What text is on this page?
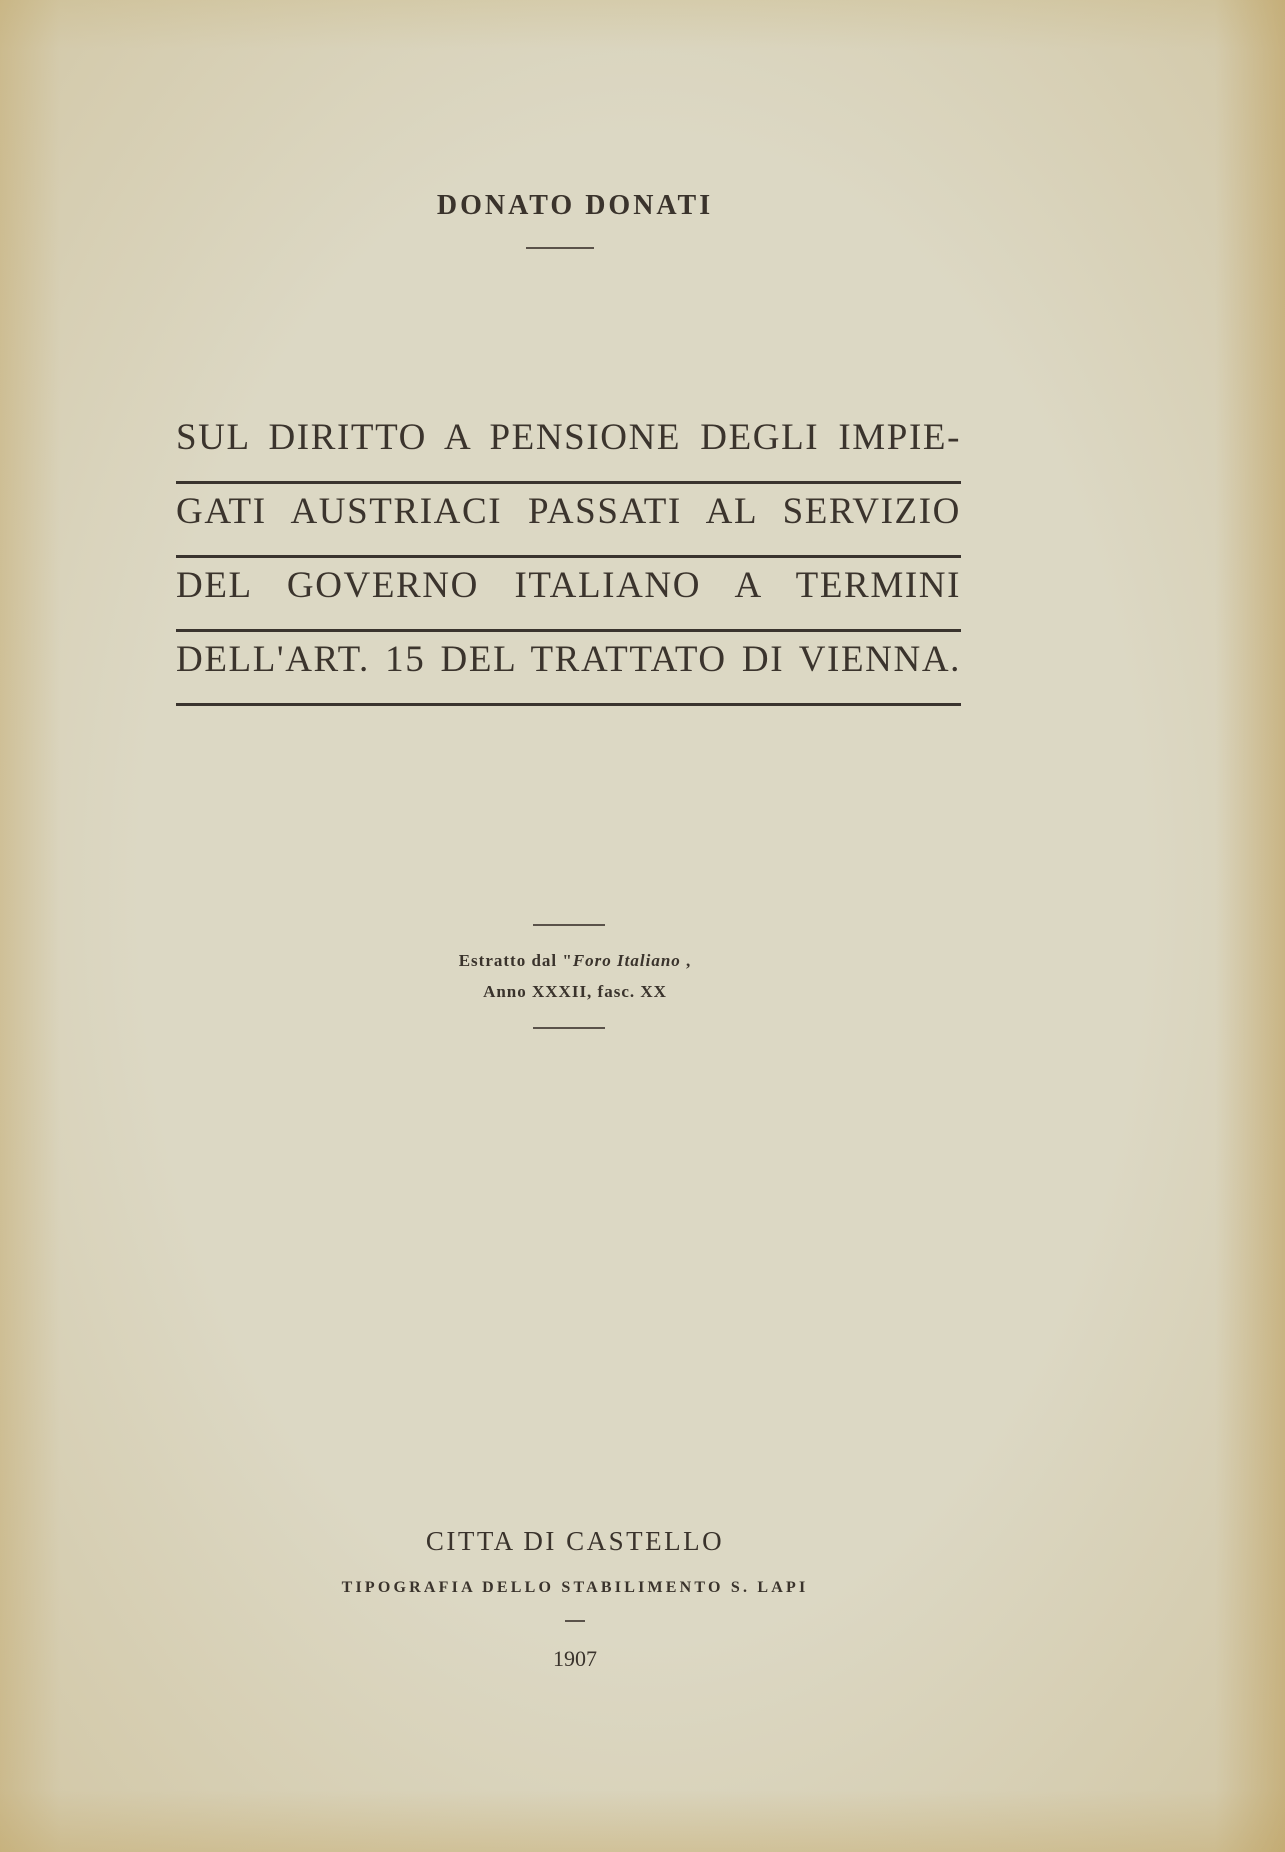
DONATO DONATI
SUL DIRITTO A PENSIONE DEGLI IMPIE-
GATI AUSTRIACI PASSATI AL SERVIZIO
DEL GOVERNO ITALIANO A TERMINI
DELL'ART. 15 DEL TRATTATO DI VIENNA.
Estratto dal "Foro Italiano ,
Anno XXXII, fasc. XX
CITTA DI CASTELLO
TIPOGRAFIA DELLO STABILIMENTO S. LAPI
1907
